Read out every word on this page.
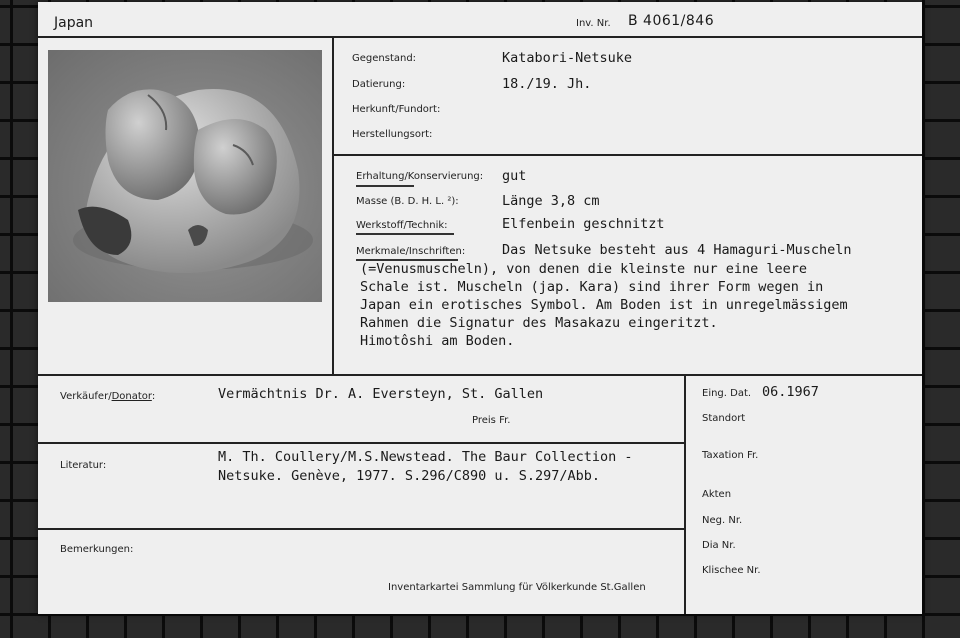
Japan	Inv. Nr. B 4061/846
Gegenstand:	Katabori-Netsuke
Datierung:	18./19. Jh.
Herkunft/Fundort:
Herstellungsort:
Erhaltung/Konservierung: gut
Masse (B. D. H. L. ²):	Länge 3,8 cm
Werkstoff/Technik:	Elfenbein geschnitzt
Merkmale/Inschriften:	Das Netsuke besteht aus 4 Hamaguri-Muscheln
(=Venusmuscheln), von denen die kleinste nur eine leere
Schale ist. Muscheln (jap. Kara) sind ihrer Form wegen in
Japan ein erotisches Symbol. Am Boden ist in unregelmässigem
Rahmen die Signatur des Masakazu eingeritzt.
Himotôshi am Boden.
Verkäufer/Donator:	Vermächtnis Dr. A. Eversteyn, St. Gallen
Preis Fr.
Literatur:
M. Th. Coullery/M.S.Newstead. The Baur Collection -
Netsuke. Genève, 1977. S.296/C890 u. S.297/Abb.
Bemerkungen:
Inventarkartei Sammlung für Völkerkunde St.Gallen
Eing. Dat. 06.1967
Standort
Taxation Fr.
Akten
Neg. Nr.
Dia Nr.
Klischee Nr.
